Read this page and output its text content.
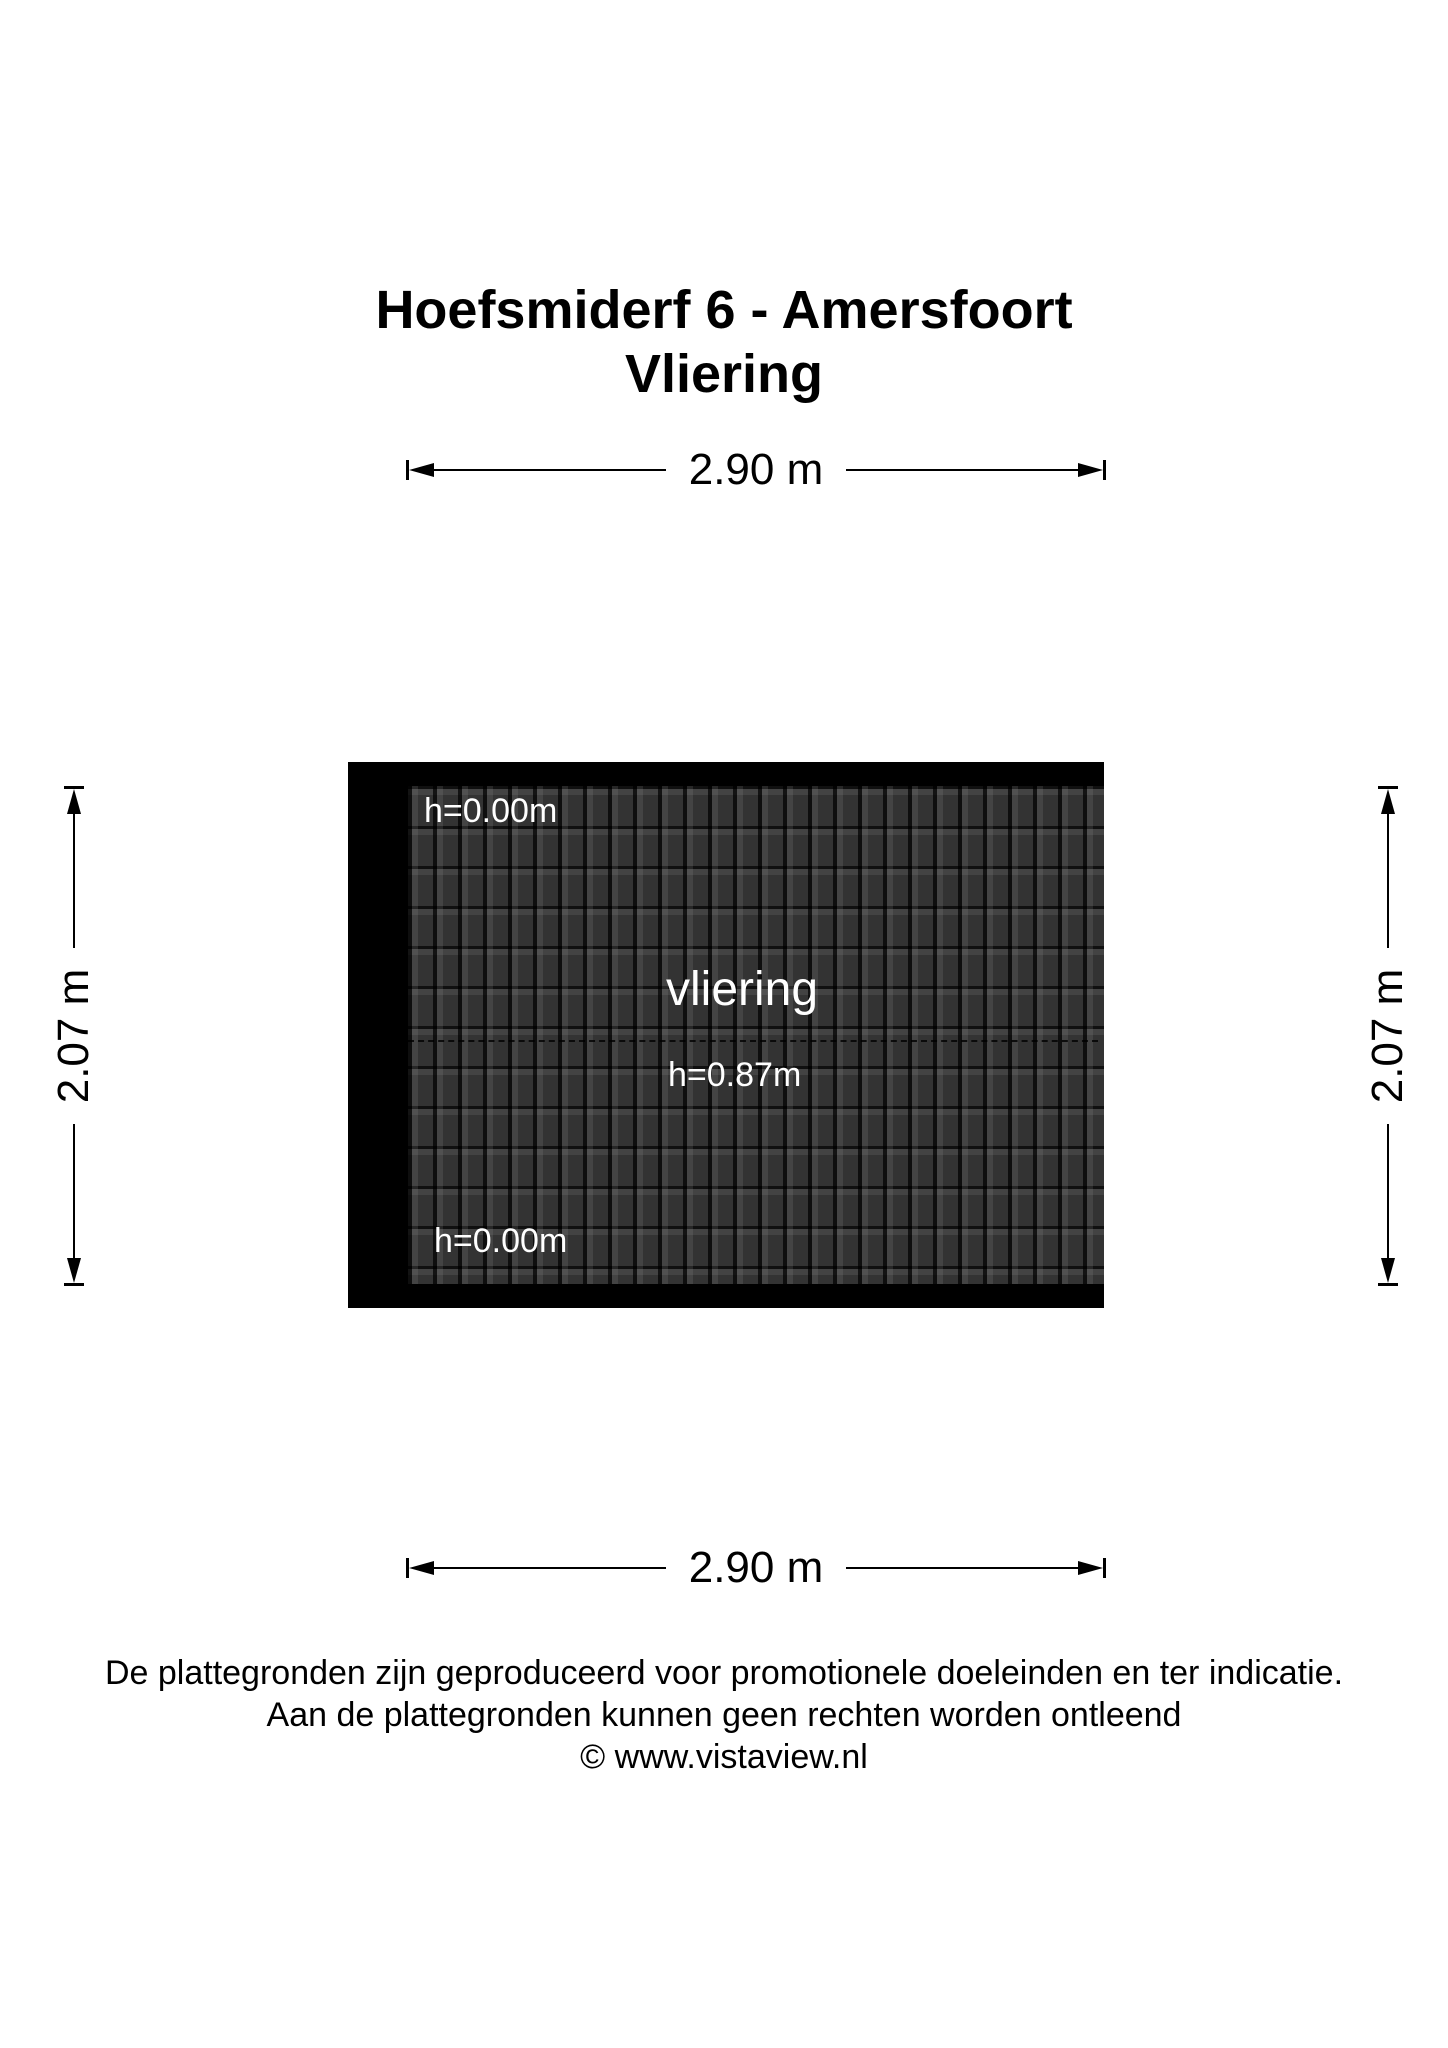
Hoefsmiderf 6 - Amersfoort

Vliering

2.90 m
2.07 m	2.07 m
h=0.00m
vliering
h=0.87m
h=0.00m
2.90 m

De plattegronden zijn geproduceerd voor promotionele doeleinden en ter indicatie.

Aan de plattegronden kunnen geen rechten worden ontleend

© www.vistaview.nl
